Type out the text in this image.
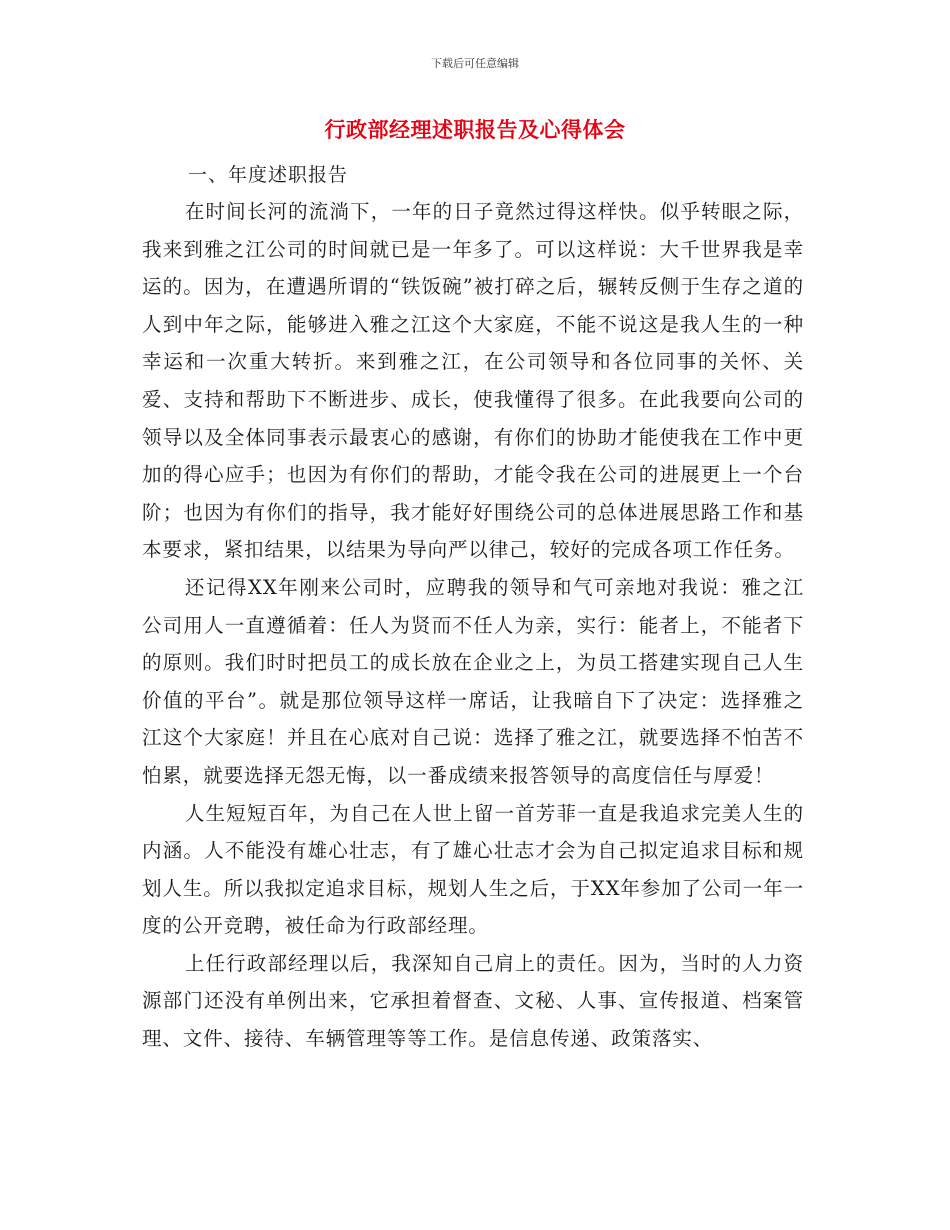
下载后可任意编辑
行政部经理述职报告及心得体会
一、年度述职报告

在时间长河的流淌下，一年的日子竟然过得这样快。似乎转眼之际，我来到雅之江公司的时间就已是一年多了。可以这样说：大千世界我是幸运的。因为，在遭遇所谓的“铁饭碗”被打碎之后，辗转反侧于生存之道的人到中年之际，能够进入雅之江这个大家庭，不能不说这是我人生的一种幸运和一次重大转折。来到雅之江，在公司领导和各位同事的关怀、关爱、支持和帮助下不断进步、成长，使我懂得了很多。在此我要向公司的领导以及全体同事表示最衷心的感谢，有你们的协助才能使我在工作中更加的得心应手；也因为有你们的帮助，才能令我在公司的进展更上一个台阶；也因为有你们的指导，我才能好好围绕公司的总体进展思路工作和基本要求，紧扣结果，以结果为导向严以律己，较好的完成各项工作任务。

还记得XX年刚来公司时，应聘我的领导和气可亲地对我说：雅之江公司用人一直遵循着：任人为贤而不任人为亲，实行：能者上，不能者下的原则。我们时时把员工的成长放在企业之上，为员工搭建实现自己人生价值的平台”。就是那位领导这样一席话，让我暗自下了决定：选择雅之江这个大家庭！并且在心底对自己说：选择了雅之江，就要选择不怕苦不怕累，就要选择无怨无悔，以一番成绩来报答领导的高度信任与厚爱！

人生短短百年，为自己在人世上留一首芳菲一直是我追求完美人生的内涵。人不能没有雄心壮志，有了雄心壮志才会为自己拟定追求目标和规划人生。所以我拟定追求目标，规划人生之后，于XX年参加了公司一年一度的公开竞聘，被任命为行政部经理。

上任行政部经理以后，我深知自己肩上的责任。因为，当时的人力资源部门还没有单例出来，它承担着督查、文秘、人事、宣传报道、档案管理、文件、接待、车辆管理等等工作。是信息传递、政策落实、
